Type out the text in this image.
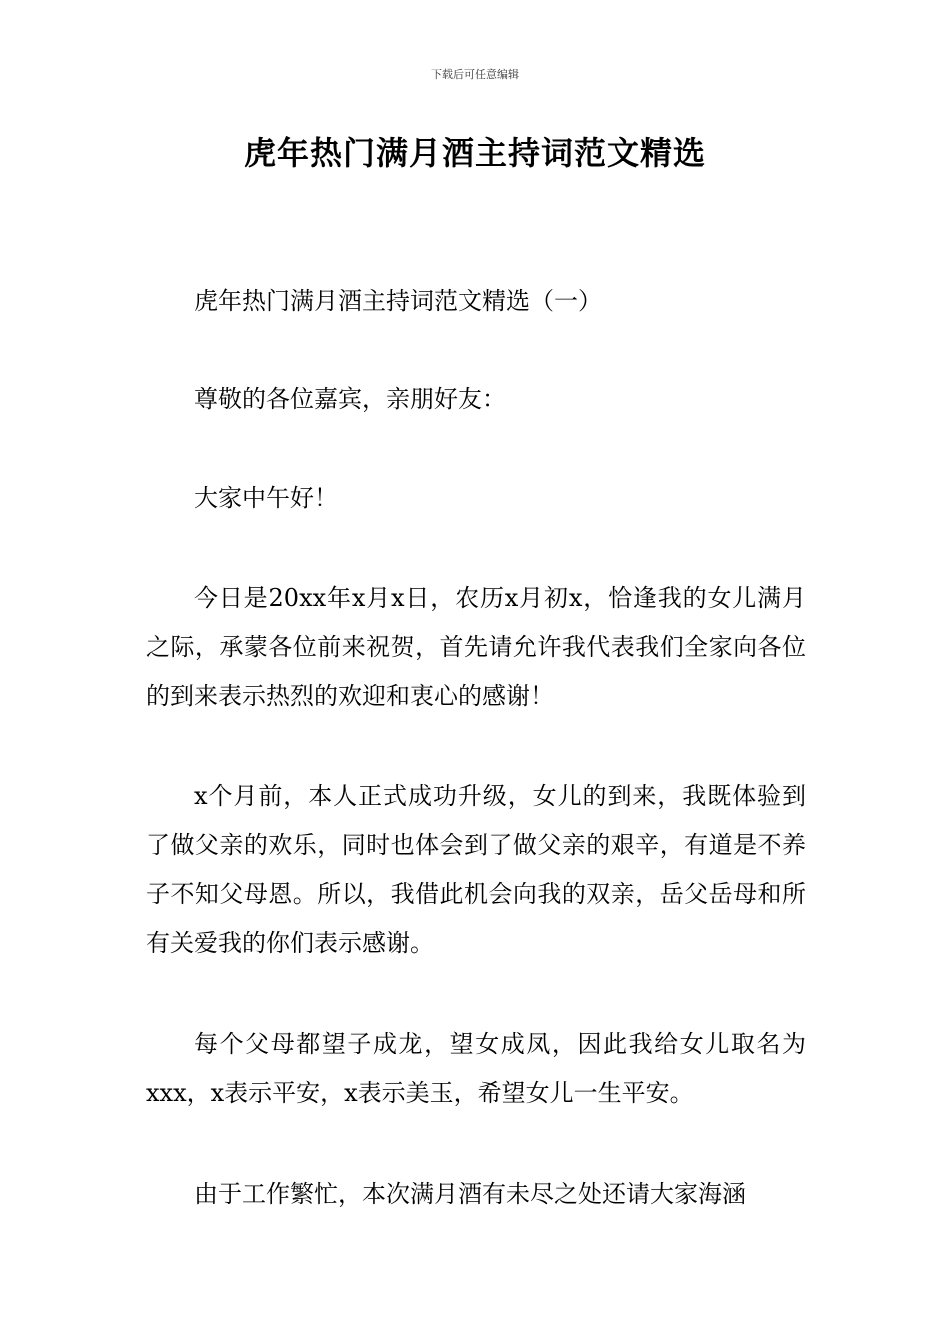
下载后可任意编辑
虎年热门满月酒主持词范文精选

虎年热门满月酒主持词范文精选（一）

尊敬的各位嘉宾，亲朋好友：

大家中午好！

今日是20xx年x月x日，农历x月初x，恰逢我的女儿满月之际，承蒙各位前来祝贺，首先请允许我代表我们全家向各位的到来表示热烈的欢迎和衷心的感谢！

x个月前，本人正式成功升级，女儿的到来，我既体验到了做父亲的欢乐，同时也体会到了做父亲的艰辛，有道是不养子不知父母恩。所以，我借此机会向我的双亲，岳父岳母和所有关爱我的你们表示感谢。

每个父母都望子成龙，望女成凤，因此我给女儿取名为xxx，x表示平安，x表示美玉，希望女儿一生平安。

由于工作繁忙，本次满月酒有未尽之处还请大家海涵
